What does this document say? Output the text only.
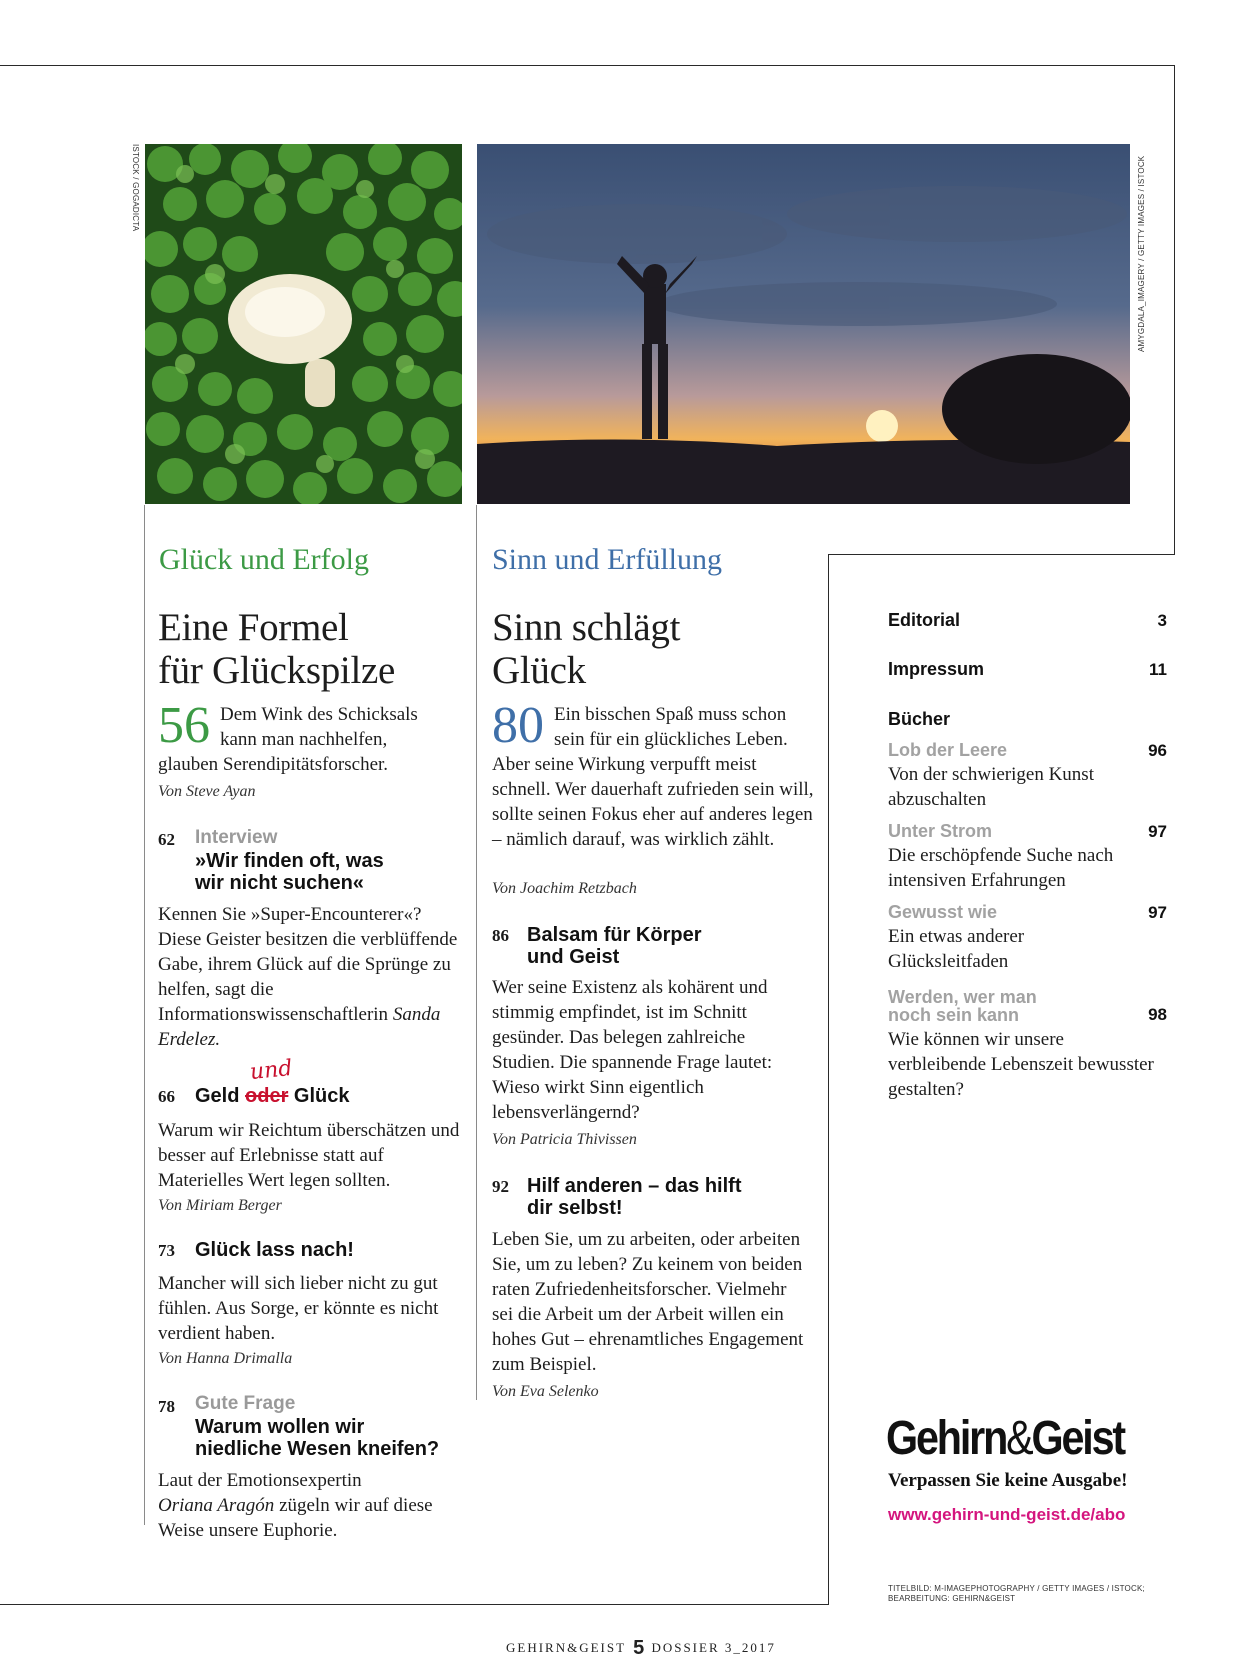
ISTOCK / GOGADICTA	AMYGDALA_IMAGERY / GETTY IMAGES / ISTOCK
Glück und Erfolg
Eine Formel
für Glückspilze
56 Dem Wink des Schicksals kann man nachhelfen, glauben Serendipitätsforscher.
Von Steve Ayan
62 Interview
»Wir finden oft, was
wir nicht suchen«
Kennen Sie »Super-Encounterer«? Diese Geister besitzen die verblüffende Gabe, ihrem Glück auf die Sprünge zu helfen, sagt die Informationswissenschaftlerin Sanda Erdelez.
66 Geld oder Glück
und
Warum wir Reichtum überschätzen und besser auf Erlebnisse statt auf Materielles Wert legen sollten.
Von Miriam Berger
73 Glück lass nach!
Mancher will sich lieber nicht zu gut fühlen. Aus Sorge, er könnte es nicht verdient haben.
Von Hanna Drimalla
78 Gute Frage
Warum wollen wir
niedliche Wesen kneifen?
Laut der Emotionsexpertin
Oriana Aragón zügeln wir auf diese Weise unsere Euphorie.
Sinn und Erfüllung
Sinn schlägt
Glück
80 Ein bisschen Spaß muss schon sein für ein glückliches Leben. Aber seine Wirkung verpufft meist schnell. Wer dauerhaft zufrieden sein will, sollte seinen Fokus eher auf anderes legen – nämlich darauf, was wirklich zählt.
Von Joachim Retzbach
86 Balsam für Körper
und Geist
Wer seine Existenz als kohärent und stimmig empfindet, ist im Schnitt gesünder. Das belegen zahlreiche Studien. Die spannende Frage lautet: Wieso wirkt Sinn eigentlich lebensverlängernd?
Von Patricia Thivissen
92 Hilf anderen – das hilft
dir selbst!
Leben Sie, um zu arbeiten, oder arbeiten Sie, um zu leben? Zu keinem von beiden raten Zufriedenheitsforscher. Vielmehr sei die Arbeit um der Arbeit willen ein hohes Gut – ehrenamtliches Engagement zum Beispiel.
Von Eva Selenko
Editorial	3
Impressum	11
Bücher
Lob der Leere	96
Von der schwierigen Kunst abzuschalten
Unter Strom	97
Die erschöpfende Suche nach intensiven Erfahrungen
Gewusst wie	97
Ein etwas anderer Glücksleitfaden
Werden, wer man
noch sein kann	98
Wie können wir unsere verbleibende Lebenszeit bewusster gestalten?
Gehirn&Geist
Verpassen Sie keine Ausgabe!
www.gehirn-und-geist.de/abo
TITELBILD: M-IMAGEPHOTOGRAPHY / GETTY IMAGES / ISTOCK;
BEARBEITUNG: GEHIRN&GEIST
GEHIRN&GEIST 5 DOSSIER 3_2017
